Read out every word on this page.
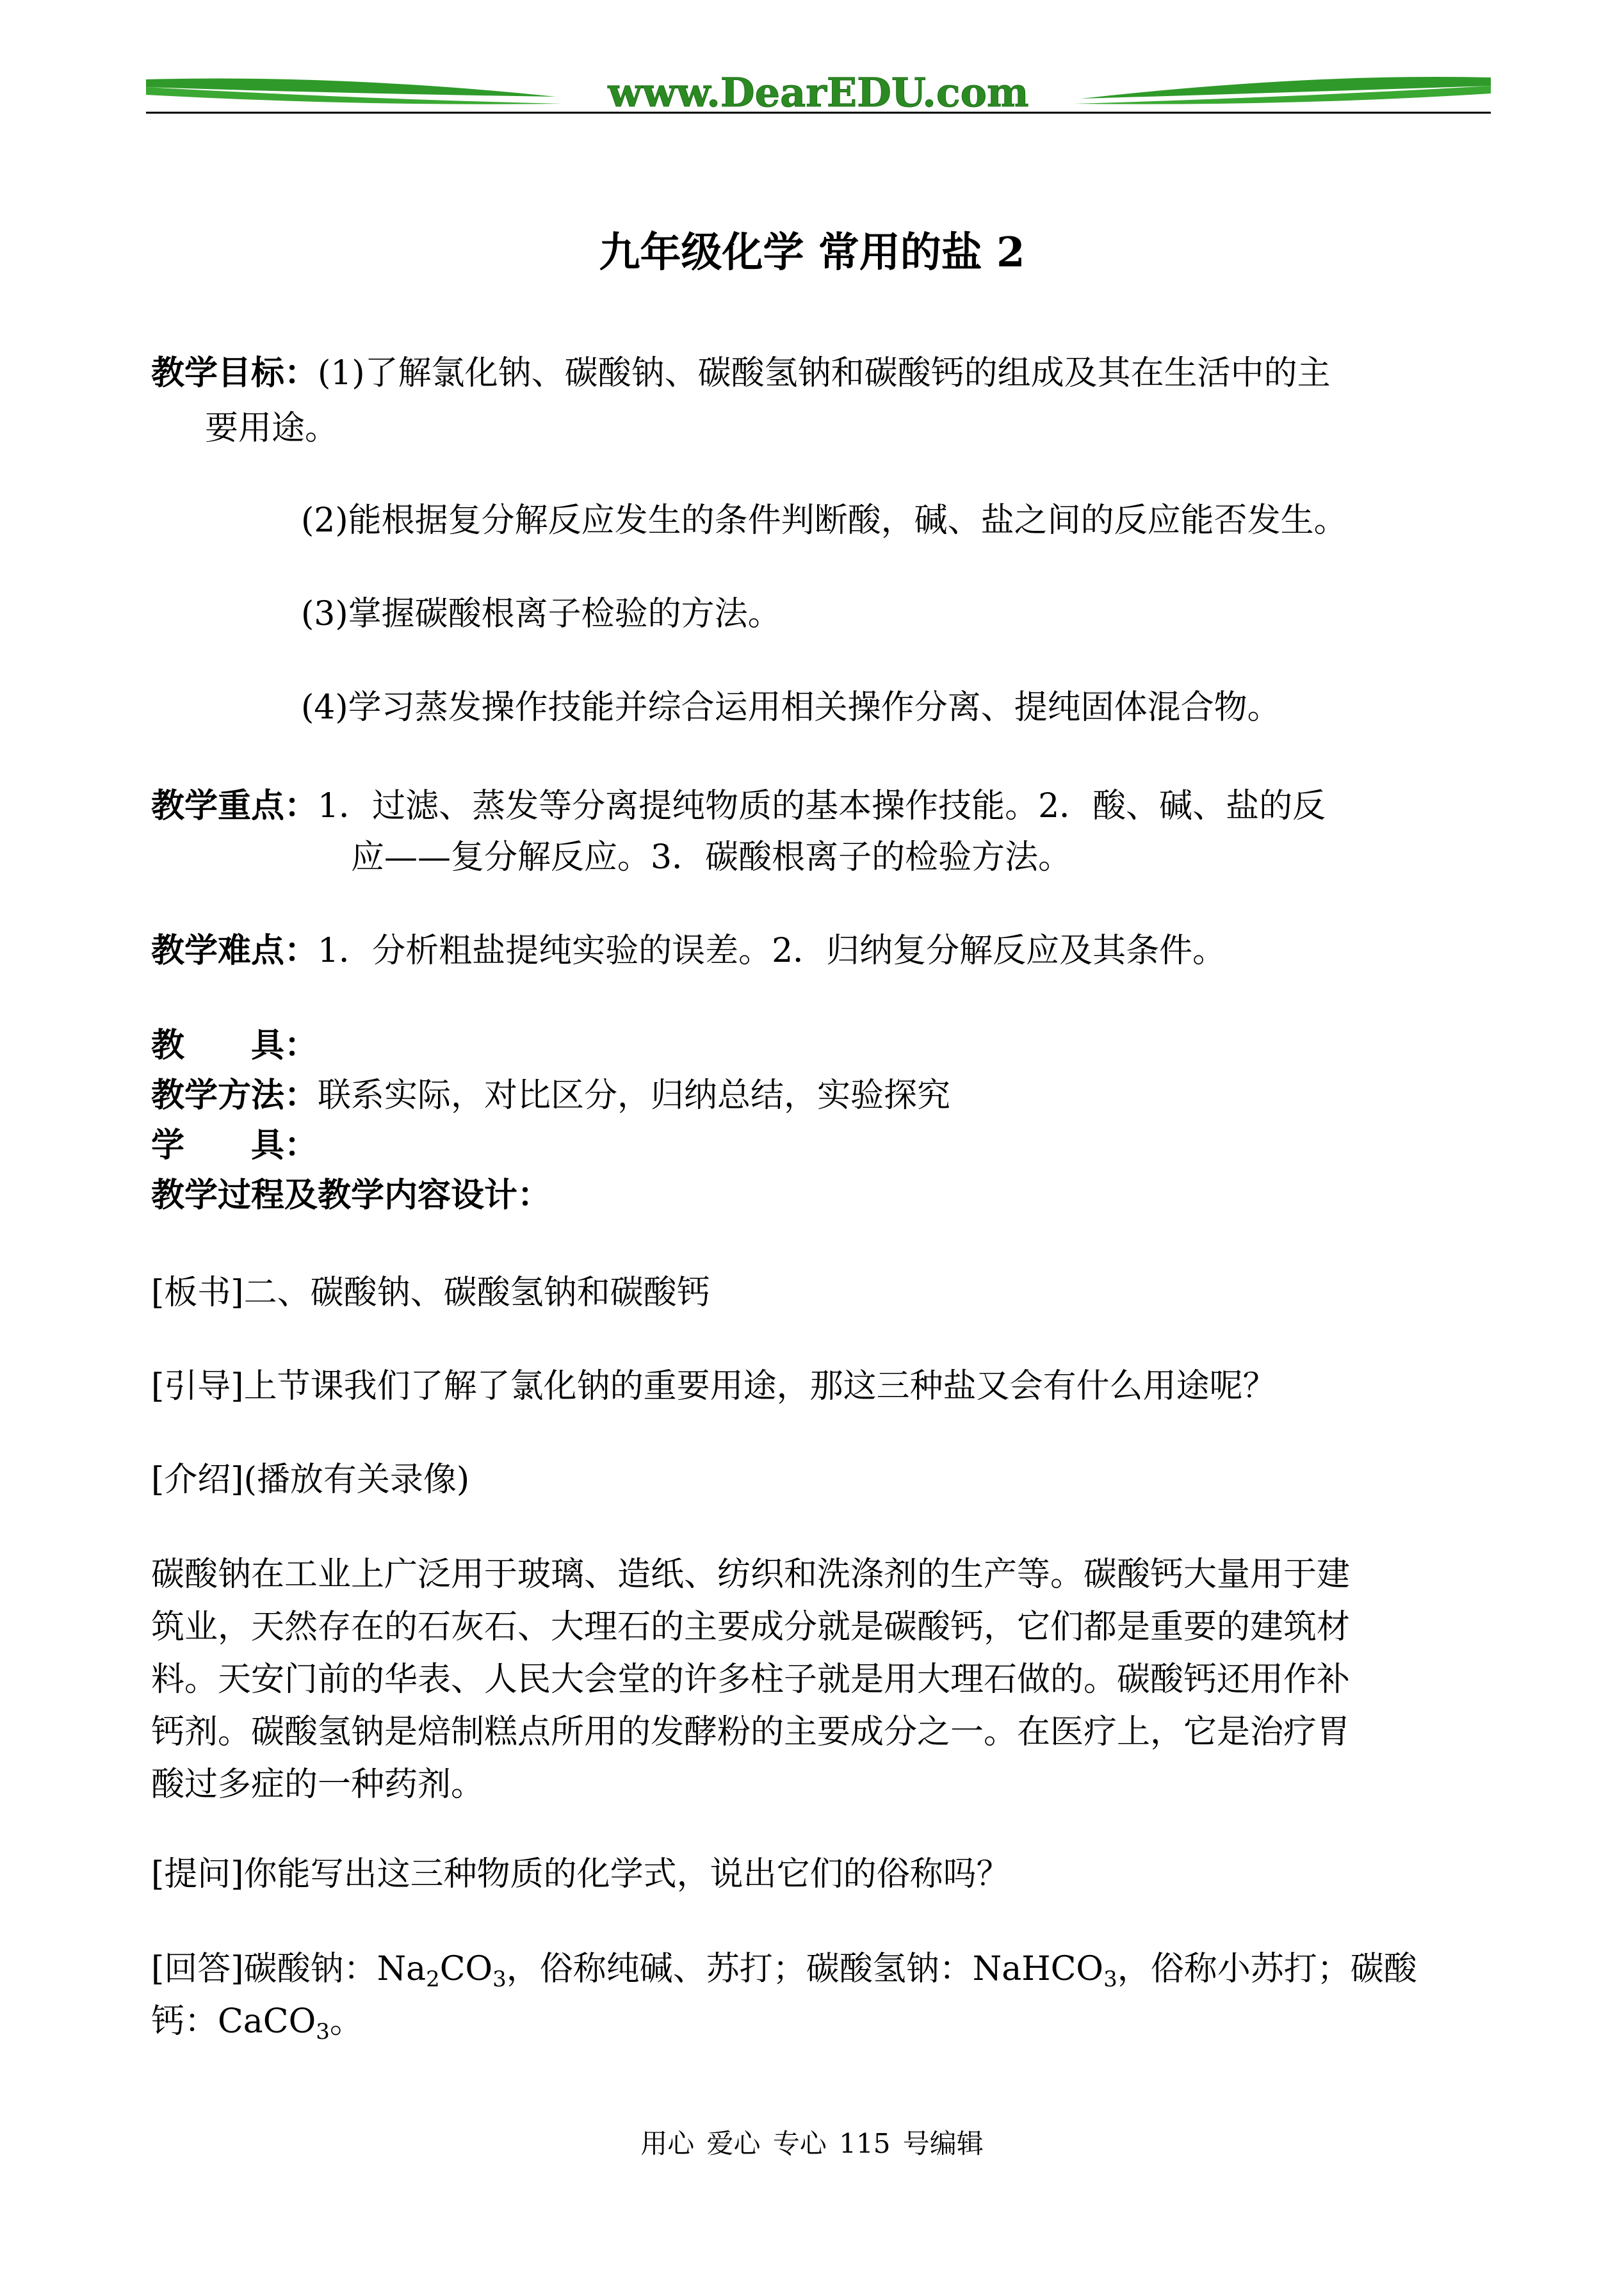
www.DearEDU.com
九年级化学 常用的盐 2
教学目标：(1)了解氯化钠、碳酸钠、碳酸氢钠和碳酸钙的组成及其在生活中的主
要用途。
(2)能根据复分解反应发生的条件判断酸，碱、盐之间的反应能否发生。
(3)掌握碳酸根离子检验的方法。
(4)学习蒸发操作技能并综合运用相关操作分离、提纯固体混合物。
教学重点：1．过滤、蒸发等分离提纯物质的基本操作技能。2．酸、碱、盐的反
应——复分解反应。3．碳酸根离子的检验方法。
教学难点：1．分析粗盐提纯实验的误差。2．归纳复分解反应及其条件。
教　　具：
教学方法：联系实际，对比区分，归纳总结，实验探究
学　　具：
教学过程及教学内容设计：
[板书]二、碳酸钠、碳酸氢钠和碳酸钙
[引导]上节课我们了解了氯化钠的重要用途，那这三种盐又会有什么用途呢？
[介绍](播放有关录像)
碳酸钠在工业上广泛用于玻璃、造纸、纺织和洗涤剂的生产等。碳酸钙大量用于建
筑业，天然存在的石灰石、大理石的主要成分就是碳酸钙，它们都是重要的建筑材
料。天安门前的华表、人民大会堂的许多柱子就是用大理石做的。碳酸钙还用作补
钙剂。碳酸氢钠是焙制糕点所用的发酵粉的主要成分之一。在医疗上，它是治疗胃
酸过多症的一种药剂。
[提问]你能写出这三种物质的化学式，说出它们的俗称吗？
[回答]碳酸钠：$Na_2CO_3$，俗称纯碱、苏打；碳酸氢钠：NaHCO$_3$，俗称小苏打；碳酸
钙：CaCO$_3$。
用心 爱心 专心 115 号编辑
